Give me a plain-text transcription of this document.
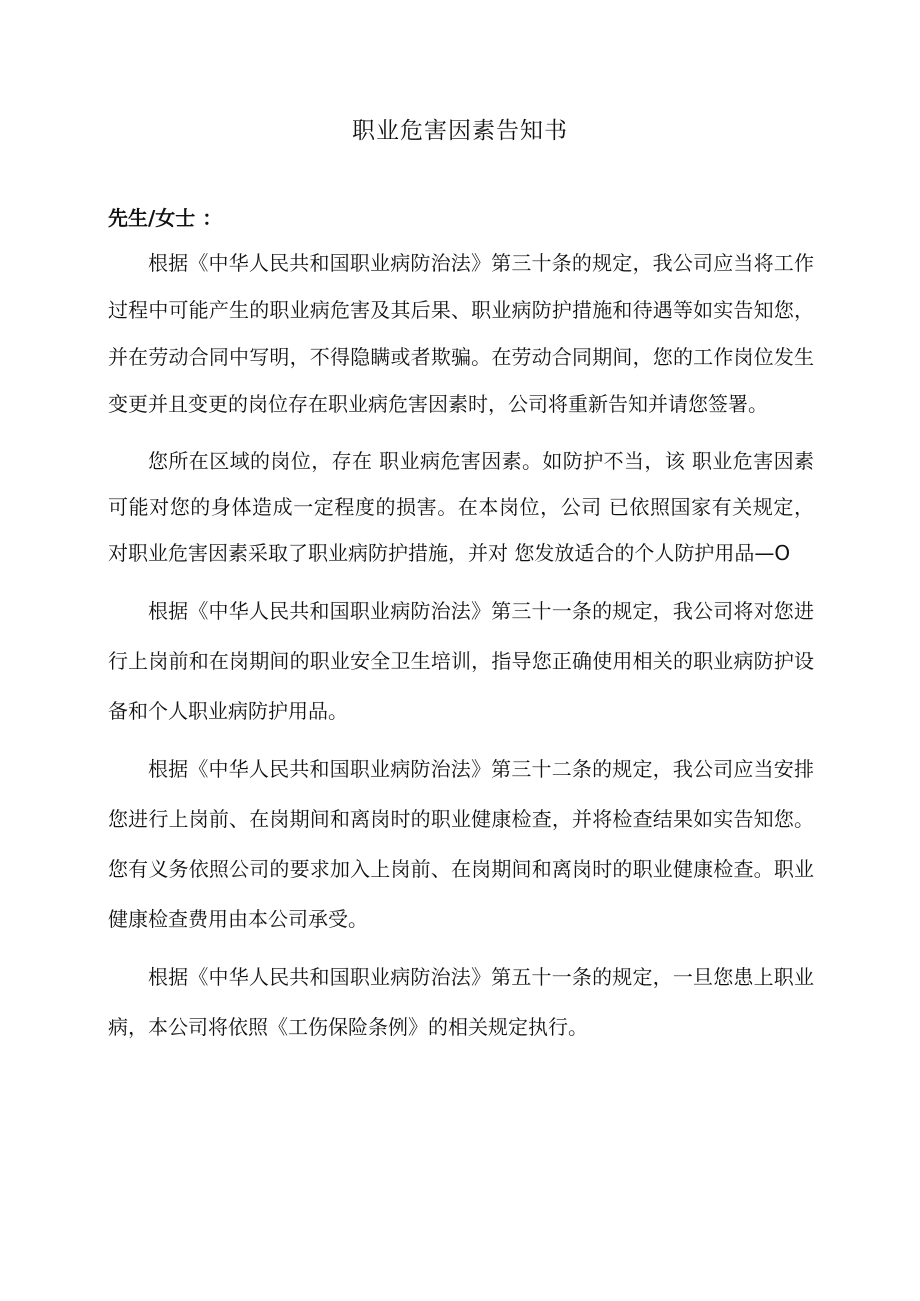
职业危害因素告知书
先生/女士 ：

根据《中华人民共和国职业病防治法》第三十条的规定，我公司应当将工作过程中可能产生的职业病危害及其后果、职业病防护措施和待遇等如实告知您，并在劳动合同中写明，不得隐瞒或者欺骗。在劳动合同期间，您的工作岗位发生变更并且变更的岗位存在职业病危害因素时，公司将重新告知并请您签署。

您所在区域的岗位，存在 职业病危害因素。如防护不当，该 职业危害因素可能对您的身体造成一定程度的损害。在本岗位，公司 已依照国家有关规定，对职业危害因素采取了职业病防护措施，并对 您发放适合的个人防护用品—O

根据《中华人民共和国职业病防治法》第三十一条的规定，我公司将对您进行上岗前和在岗期间的职业安全卫生培训，指导您正确使用相关的职业病防护设备和个人职业病防护用品。

根据《中华人民共和国职业病防治法》第三十二条的规定，我公司应当安排您进行上岗前、在岗期间和离岗时的职业健康检查，并将检查结果如实告知您。您有义务依照公司的要求加入上岗前、在岗期间和离岗时的职业健康检查。职业健康检查费用由本公司承受。

根据《中华人民共和国职业病防治法》第五十一条的规定，一旦您患上职业病，本公司将依照《工伤保险条例》的相关规定执行。
